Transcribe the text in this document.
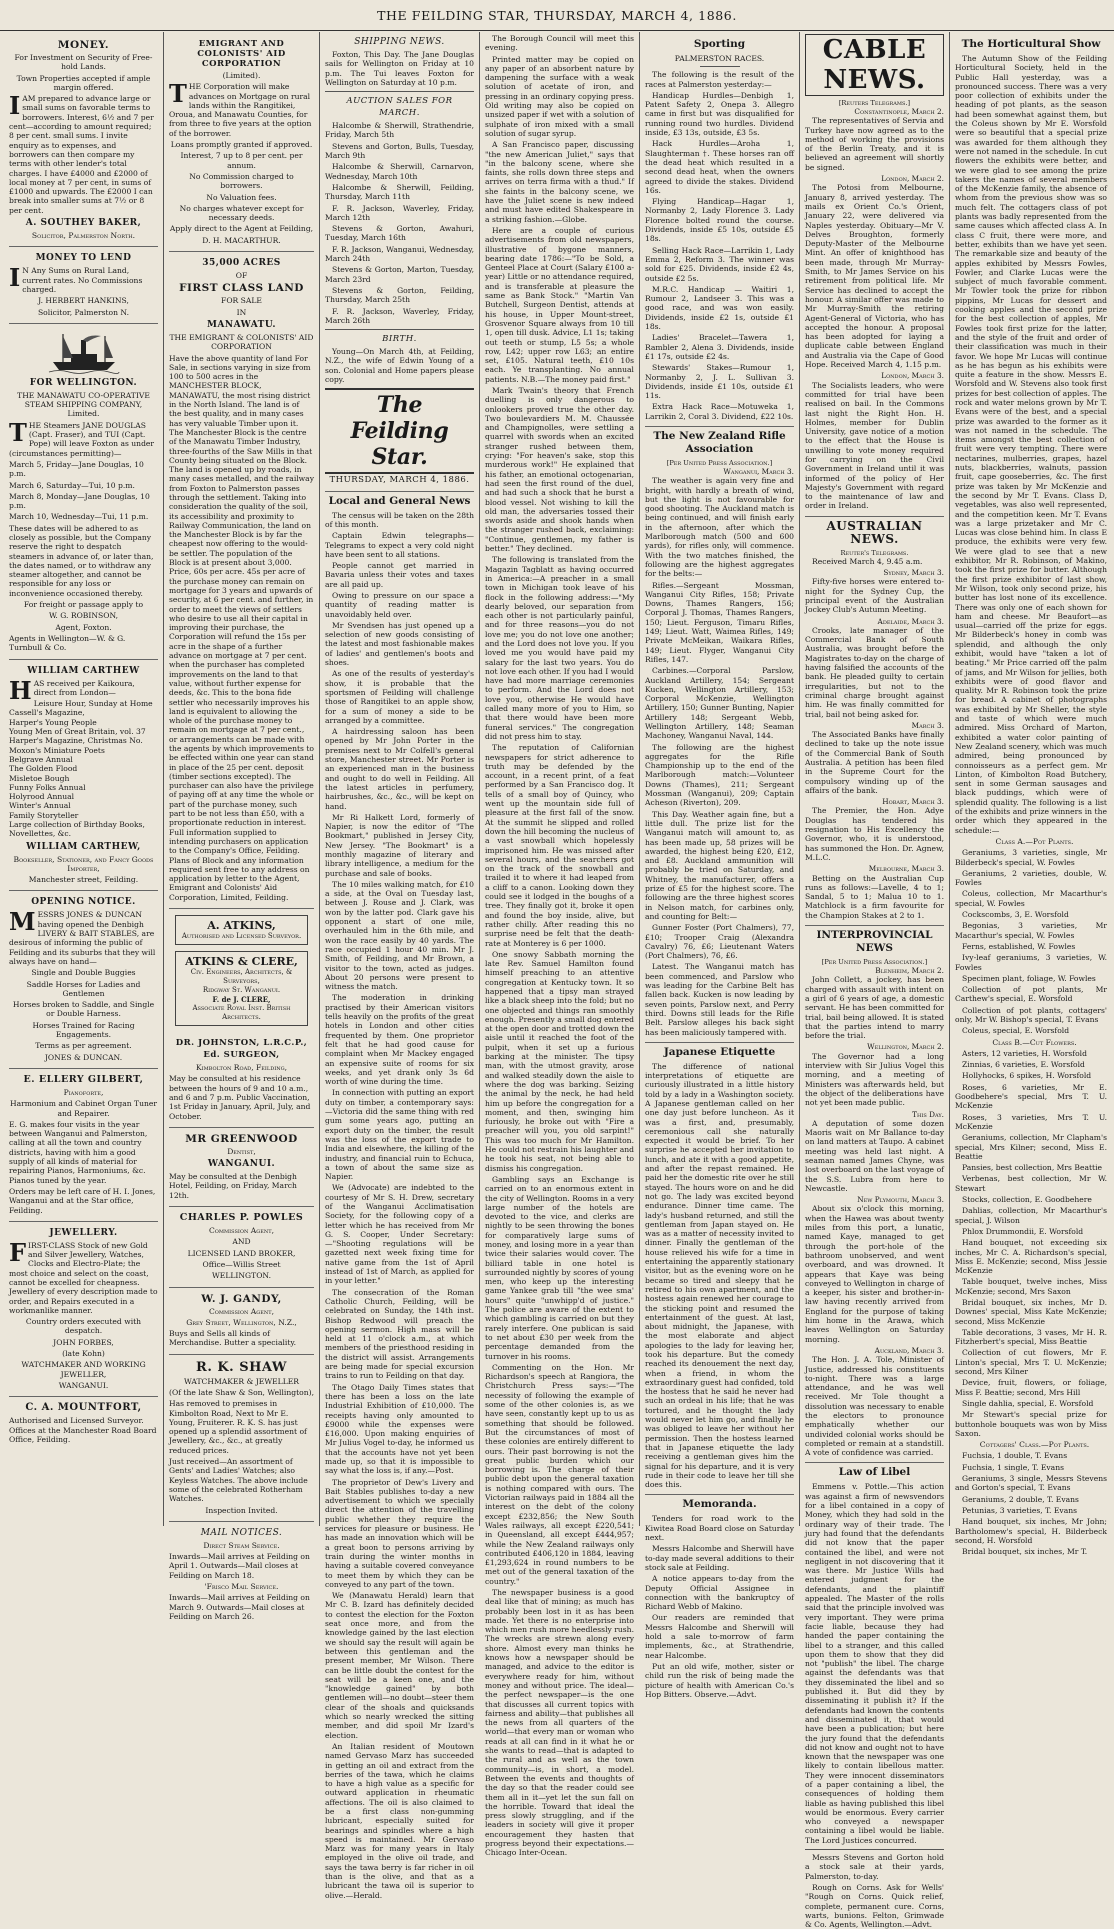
THE FEILDING STAR, THURSDAY, MARCH 4, 1886.
MONEY.

For Investment on Security of Free-hold Lands.

Town Properties accepted if ample margin offered.

IAM prepared to advance large or small sums on favorable terms to borrowers. Interest, 6½ and 7 per cent—according to amount required; 8 per cent. small sums. I invite enquiry as to expenses, and borrowers can then compare my terms with other lender's total charges. I have £4000 and £2000 of local money at 7 per cent, in sums of £1000 and upwards. The £2000 I can break into smaller sums at 7½ or 8 per cent.

A. SOUTHEY BAKER,

Solicitor, Palmerston North.

MONEY TO LEND

I N Any Sums on Rural Land, current rates. No Commissions charged.

J. HERBERT HANKINS,

Solicitor, Palmerston N.

FOR WELLINGTON.

THE MANAWATU CO-OPERATIVE STEAM SHIPPING COMPANY, Limited.

THE Steamers JANE DOUGLAS (Capt. Fraser), and TUI (Capt. Pope) will leave Foxton as under (circumstances permitting)—

March 5, Friday—Jane Douglas, 10 p.m.

March 6, Saturday—Tui, 10 p.m.

March 8, Monday—Jane Douglas, 10 p.m.

March 10, Wednesday—Tui, 11 p.m.

These dates will be adhered to as closely as possible, but the Company reserve the right to despatch steamers in advance of, or later than, the dates named, or to withdraw any steamer altogether, and cannot be responsible for any loss or inconvenience occasioned thereby.

For freight or passage apply to

W. G. ROBINSON,

Agent, Foxton.

Agents in Wellington—W. & G. Turnbull & Co.

WILLIAM CARTHEW

HAS received per Kaikoura, direct from London—

Leisure Hour, Sunday at Home
Cassell's Magazine,
Harper's Young People
Young Men of Great Britain, vol. 37
Harper's Magazine, Christmas No.
Moxon's Miniature Poets
Belgrave Annual
The Golden Flood
Misletoe Bough
Funny Folks Annual
Holyrood Annual
Winter's Annual
Family Storyteller

Large collection of Birthday Books, Novellettes, &c.

WILLIAM CARTHEW,

Bookseller, Stationer, and Fancy Goods Importer,

Manchester street, Feilding.

OPENING NOTICE.

MESSRS JONES & DUNCAN having opened the Denbigh LIVERY & BAIT STABLES, are desirous of informing the public of Feilding and its suburbs that they will always have on hand—

Single and Double Buggies

Saddle Horses for Ladies and Gentlemen

Horses broken to Saddle, and Single or Double Harness.

Horses Trained for Racing Engagements.

Terms as per agreement.

JONES & DUNCAN.

E. ELLERY GILBERT,

Pianoforte,

Harmonium and Cabinet Organ Tuner and Repairer.

E. G. makes four visits in the year between Wanganui and Palmerston, calling at all the town and country districts, having with him a good supply of all kinds of material for repairing Pianos, Harmoniums, &c. Pianos tuned by the year.

Orders may be left care of H. I. Jones, Wanganui and at the Star office, Feilding.

JEWELLERY.

FIRST-CLASS Stock of new Gold and Silver Jewellery, Watches, Clocks and Electro-Plate; the most choice and select on the coast, cannot be excelled for cheapness. Jewellery of every description made to order, and Repairs executed in a workmanlike manner.

Country orders executed with despatch.

JOHN FORBES,

(late Kohn)

WATCHMAKER AND WORKING JEWELLER,

WANGANUI.

C. A. MOUNTFORT,

Authorised and Licensed Surveyor. Offices at the Manchester Road Board Office, Feilding.

EMIGRANT AND COLONISTS' AID CORPORATION

(Limited).

THE Corporation will make advances on Mortgage on rural lands within the Rangitikei, Oroua, and Manawatu Counties, for from three to five years at the option of the borrower.

Loans promptly granted if approved.

Interest, 7 up to 8 per cent. per annum.

No Commission charged to borrowers.

No Valuation fees.

No charges whatever except for necessary deeds.

Apply direct to the Agent at Feilding,

D. H. MACARTHUR.

35,000 ACRES

OF

FIRST CLASS LAND

FOR SALE

IN

MANAWATU.

THE EMIGRANT & COLONISTS' AID CORPORATION

Have the above quantity of land For Sale, in sections varying in size from 100 to 500 acres in the MANCHESTER BLOCK, MANAWATU, the most rising district in the North Island. The land is of the best quality, and in many cases has very valuable Timber upon it. The Manchester Block is the centre of the Manawatu Timber Industry, three-fourths of the Saw Mills in that County being situated on the Block. The land is opened up by roads, in many cases metalled, and the railway from Foxton to Palmerston passes through the settlement. Taking into consideration the quality of the soil, its accessibility and proximity to Railway Communication, the land on the Manchester Block is by far the cheapest now offering to the would-be settler. The population of the Block is at present about 3,000. Price, 60s per acre. 45s per acre of the purchase money can remain on mortgage for 3 years and upwards of security, at 6 per cent. and further, in order to meet the views of settlers who desire to use all their capital in improving their purchase, the Corporation will refund the 15s per acre in the shape of a further advance on mortgage at 7 per cent. when the purchaser has completed improvements on the land to that value, without further expense for deeds, &c. This to the bona fide settler who necessarily improves his land is equivalent to allowing the whole of the purchase money to remain on mortgage at 7 per cent., or arrangements can be made with the agents by which improvements to be effected within one year can stand in place of the 25 per cent. deposit (timber sections excepted). The purchaser can also have the privilege of paying off at any time the whole or part of the purchase money, such part to be not less than £50, with a proportionate reduction in interest. Full information supplied to intending purchasers on application to the Company's Office, Feilding. Plans of Block and any information required sent free to any address on application by letter to the Agent, Emigrant and Colonists' Aid Corporation, Limited, Feilding.

A. ATKINS,
Authorised and Licensed Surveyor.
ATKINS & CLERE,
Civ. Engineers, Architects, & Surveyors,
Ridgway St. Wanganui.
F. de J. CLERE,
Associate Royal Inst. British Architects.
DR. JOHNSTON, L.R.C.P., Ed. SURGEON,

Kimbolton Road, Feilding,

May be consulted at his residence between the hours of 9 and 10 a.m., and 6 and 7 p.m. Public Vaccination, 1st Friday in January, April, July, and October.

MR GREENWOOD

Dentist,

WANGANUI.

May be consulted at the Denbigh Hotel, Feilding, on Friday, March 12th.

CHARLES P. POWLES

Commission Agent,

AND

LICENSED LAND BROKER,

Office—Willis Street

WELLINGTON.

W. J. GANDY,

Commission Agent,

Grey Street, Wellington, N.Z.,

Buys and Sells all kinds of Merchandise. Butter a speciality.

R. K. SHAW

WATCHMAKER & JEWELLER

(Of the late Shaw & Son, Wellington),

Has removed to premises in Kimbolton Road, Next to Mr E. Young, Fruiterer. R. K. S. has just opened up a splendid assortment of Jewellery, &c., &c., at greatly reduced prices.

Just received—An assortment of Gents' and Ladies' Watches; also Keyless Watches. The above include some of the celebrated Rotherham Watches.

Inspection Invited.

MAIL NOTICES.

Direct Steam Service.

Inwards—Mail arrives at Feilding on April 1. Outwards—Mail closes at Feilding on March 18.

'Frisco Mail Service.

Inwards—Mail arrives at Feilding on March 9. Outwards—Mail closes at Feilding on March 26.

SHIPPING NEWS.

Foxton, This Day. The Jane Douglas sails for Wellington on Friday at 10 p.m. The Tui leaves Foxton for Wellington on Saturday at 10 p.m.

AUCTION SALES FOR MARCH.

Halcombe & Sherwill, Strathendrie, Friday, March 5th

Stevens and Gorton, Bulls, Tuesday, March 9th

Halcombe & Sherwill, Carnarvon, Wednesday, March 10th

Halcombe & Sherwill, Feilding, Thursday, March 11th

F. R. Jackson, Waverley, Friday, March 12th

Stevens & Gorton, Awahuri, Tuesday, March 16th

F. R. Jackson, Wanganui, Wednesday, March 24th

Stevens & Gorton, Marton, Tuesday, March 23rd

Stevens & Gorton, Feilding, Thursday, March 25th

F. R. Jackson, Waverley, Friday, March 26th

BIRTH.

Young—On March 4th, at Feilding, N.Z., the wife of Edwin Young of a son. Colonial and Home papers please copy.

The Feilding Star.
THURSDAY, MARCH 4, 1886.
Local and General News

The census will be taken on the 28th of this month.

Captain Edwin telegraphs—Telegrams to expect a very cold night have been sent to all stations.

People cannot get married in Bavaria unless their votes and taxes are all paid up.

Owing to pressure on our space a quantity of reading matter is unavoidably held over.

Mr Svendsen has just opened up a selection of new goods consisting of the latest and most fashionable makes of ladies' and gentlemen's boots and shoes.

As one of the results of yesterday's show, it is probable that the sportsmen of Feilding will challenge those of Rangitikei to an apple show, for a sum of money a side to be arranged by a committee.

A hairdressing saloon has been opened by Mr John Porter in the premises next to Mr Colfell's general store, Manchester street. Mr Porter is an experienced man in the business and ought to do well in Feilding. All the latest articles in perfumery, hairbrushes, &c., &c., will be kept on hand.

Mr Ri Halkett Lord, formerly of Napier, is now the editor of "The Bookmart," published in Jersey City, New Jersey. "The Bookmart" is a monthly magazine of literary and library intelligence, a medium for the purchase and sale of books.

The 10 miles walking match, for £10 a side, at the Oval on Tuesday last, between J. Rouse and J. Clark, was won by the latter pod. Clark gave his opponent a start of one mile, overhauled him in the 6th mile, and won the race easily by 40 yards. The race occupied 1 hour 40 min. Mr J. Smith, of Feilding, and Mr Brown, a visitor to the town, acted as judges. About 20 persons were present to witness the match.

The moderation in drinking practised by their American visitors tells heavily on the profits of the great hotels in London and other cities frequented by them. One proprietor felt that he had good cause for complaint when Mr Mackey engaged an expensive suite of rooms for six weeks, and yet drank only 3s 6d worth of wine during the time.

In connection with putting an export duty on timber, a contemporary says:—Victoria did the same thing with red gum some years ago, putting an export duty on the timber, the result was the loss of the export trade to India and elsewhere, the killing of the industry, and financial ruin to Echuca, a town of about the same size as Napier.

We (Advocate) are indebted to the courtesy of Mr S. H. Drew, secretary of the Wanganui Acclimatisation Society, for the following copy of a letter which he has received from Mr G. S. Cooper, Under Secretary:—"Shooting regulations will be gazetted next week fixing time for native game from the 1st of April instead of 1st of March, as applied for in your letter."

The consecration of the Roman Catholic Church, Feilding, will be celebrated on Sunday, the 14th inst. Bishop Redwood will preach the opening sermon. High mass will be held at 11 o'clock a.m., at which members of the priesthood residing in the district will assist. Arrangements are being made for special excursion trains to run to Feilding on that day.

The Otago Daily Times states that there has been a loss on the late Industrial Exhibition of £10,000. The receipts having only amounted to £9000 while the expenses were £16,000. Upon making enquiries of Mr Julius Vogel to-day, he informed us that the accounts have not yet been made up, so that it is impossible to say what the loss is, if any.—Post.

The proprietor of Dew's Livery and Bait Stables publishes to-day a new advertisement to which we specially direct the attention of the travelling public whether they require the services for pleasure or business. He has made an innovation which will be a great boon to persons arriving by train during the winter months in having a suitable covered conveyance to meet them by which they can be conveyed to any part of the town.

We (Manawatu Herald) learn that Mr C. B. Izard has definitely decided to contest the election for the Foxton seat once more, and from the knowledge gained by the last election we should say the result will again be between this gentleman and the present member, Mr Wilson. There can be little doubt the contest for the seat will be a keen one, and the "knowledge gained" by both gentlemen will—no doubt—steer them clear of the shoals and quicksands which so nearly wrecked the sitting member, and did spoil Mr Izard's election.

An Italian resident of Moutown named Gervaso Marz has succeeded in getting an oil and extract from the berries of the tawa, which he claims to have a high value as a specific for outward application in rheumatic affections. The oil is also claimed to be a first class non-gumming lubricant, especially suited for bearings and spindles where a high speed is maintained. Mr Gervaso Marz was for many years in Italy employed in the olive oil trade, and says the tawa berry is far richer in oil than is the olive, and that as a lubricant the tawa oil is superior to olive.—Herald.

The Borough Council will meet this evening.

Printed matter may be copied on any paper of an absorbent nature by dampening the surface with a weak solution of acetate of iron, and pressing in an ordinary copying press. Old writing may also be copied on unsized paper if wet with a solution of sulphate of iron mixed with a small solution of sugar syrup.

A San Francisco paper, discussing "the new American Juliet," says that "in the balcony scene, where she faints, she rolls down three steps and arrives on terra firma with a thud." If she faints in the balcony scene, we have the Juliet scene is new indeed and must have edited Shakespeare in a striking fashion.—Globe.

Here are a couple of curious advertisements from old newspapers, illustrative of bygone manners, bearing date 1786:—"To be Sold, a Genteel Place at Court (Salary £100 a-year) Little or no attendance required, and is transferable at pleasure the same as Bank Stock." "Martin Van Butchell, Surgeon Dentist, attends at his house, in Upper Mount-street, Grosvenor Square always from 10 till 1, open till dusk. Advice, L1 1s; taking out teeth or stump, L5 5s; a whole row, L42; upper row L63; an entire set, £105. Natural teeth, £10 10s each. Ye transplanting. No annual patients. N.B.—The money paid first."

Mark Twain's theory that French duelling is only dangerous to onlookers proved true the other day. Two boulevardiers M. M. Chaussée and Champignolles, were settling a quarrel with swords when an excited stranger rushed between them, crying: "For heaven's sake, stop this murderous work!" He explained that his father, an emotional octogenarian, had seen the first round of the duel, and had such a shock that he burst a blood vessel. Not wishing to kill the old man, the adversaries tossed their swords aside and shook hands when the stranger rushed back, exclaiming: "Continue, gentlemen, my father is better." They declined.

The following is translated from the Magazin Tagblatt as having occurred in America:—A preacher in a small town in Michigan took leave of his flock in the following address:—"My dearly beloved, our separation from each other is not particularly painful, and for three reasons—you do not love me; you do not love one another; and the Lord does not love you. If you loved me you would have paid my salary for the last two years. You do not love each other. If you had I would have had more marriage ceremonies to perform. And the Lord does not love you, otherwise He would have called many more of you to Him, so that there would have been more funeral services." The congregation did not press him to stay.

The reputation of Californian newspapers for strict adherence to truth may be defended by the account, in a recent print, of a feat performed by a San Francisco dog. It tells of a small boy of Quincy, who went up the mountain side full of pleasure at the first fall of the snow. At the summit he slipped and rolled down the hill becoming the nucleus of a vast snowball which hopelessly imprisoned him. He was missed after several hours, and the searchers got on the track of the snowball and trailed it to where it had leaped from a cliff to a canon. Looking down they could see it lodged in the boughs of a tree. They finally got it, broke it open and found the boy inside, alive, but rather chilly. After reading this no surprise need be felt that the death-rate at Monterey is 6 per 1000.

One snowy Sabbath morning the late Rev. Samuel Hamilton found himself preaching to an attentive congregation at Kentucky town. It so happened that a tipsy man strayed like a black sheep into the fold; but no one objected and things ran smoothly enough. Presently a small dog entered at the open door and trotted down the aisle until it reached the foot of the pulpit, when it set up a furious barking at the minister. The tipsy man, with the utmost gravity, arose and walked steadily down the aisle to where the dog was barking. Seizing the animal by the neck, he had held him up before the congregation for a moment, and then, swinging him furiously, he broke out with "Fire a preacher will you, you old sarpint!" This was too much for Mr Hamilton. He could not restrain his laughter and he took his seat, not being able to dismiss his congregation.

Gambling says an Exchange is carried on to an enormous extent in the city of Wellington. Rooms in a very large number of the hotels are devoted to the vice, and clerks are nightly to be seen throwing the bones for comparatively large sums of money, and losing more in a year than twice their salaries would cover. The billiard table in one hotel is surrounded nightly by scores of young men, who keep up the interesting game Yankee grab till "the wee sma' hours" quite "unwhipp'd of justice." The police are aware of the extent to which gambling is carried on but they rarely interfere. One publican is said to net about £30 per week from the percentage demanded from the turnover in his rooms.

Commenting on the Hon. Mr Richardson's speech at Rangiora, the Christchurch Press says:—"The necessity of following the example of some of the other colonies is, as we have seen, constantly kept up to us as something that should be followed. But the circumstances of most of these colonies are entirely different to ours. Their past borrowing is not the great public burden which our borrowing is. The charge of their public debt upon the general taxation is nothing compared with ours. The Victorian railways paid in 1884 all the interest on the debt of the colony except £232,856; the New South Wales railways, all except £220,541; in Queensland, all except £444,957; while the New Zealand railways only contributed £406,120 in 1884, leaving £1,293,624 in round numbers to be met out of the general taxation of the country."

The newspaper business is a good deal like that of mining; as much has probably been lost in it as has been made. Yet there is no enterprise into which men rush more heedlessly rush. The wrecks are strewn along every shore. Almost every man thinks he knows how a newspaper should be managed, and advice to the editor is everywhere ready for him, without money and without price. The ideal—the perfect newspaper—is the one that discusses all current topics with fairness and ability—that publishes all the news from all quarters of the world—that every man or woman who reads at all can find in it what he or she wants to read—that is adapted to the rural and as well as the town community—is, in short, a model. Between the events and thoughts of the day so that the reader could see them all in it—yet let the sun fall on the horrible. Toward that ideal the press slowly struggling, and if the leaders in society will give it proper encouragement they hasten that progress beyond their expectations.—Chicago Inter-Ocean.

Sporting
PALMERSTON RACES.

The following is the result of the races at Palmerston yesterday:—

Handicap Hurdles—Denbigh 1, Patent Safety 2, Onepa 3. Allegro came in first but was disqualified for running round two hurdles. Dividend inside, £3 13s, outside, £3 5s.

Hack Hurdles—Aroha 1, Slaughterman †. These horses ran off the dead heat which resulted in a second dead heat, when the owners agreed to divide the stakes. Dividend 16s.

Flying Handicap—Hagar 1, Normanby 2, Lady Florence 3. Lady Florence bolted round the course. Dividends, inside £5 10s, outside £5 18s.

Selling Hack Race—Larrikin 1, Lady Emma 2, Reform 3. The winner was sold for £25. Dividends, inside £2 4s, outside £2 5s.

M.R.C. Handicap — Waitiri 1, Rumour 2, Landseer 3. This was a good race, and was won easily. Dividends, inside £2 1s, outside £1 18s.

Ladies' Bracelet—Tawera 1, Rambler 2, Alena 3. Dividends, inside £1 17s, outside £2 4s.

Stewards' Stakes—Rumour 1, Normanby 2, J. L. Sullivan 3. Dividends, inside £1 10s, outside £1 11s.

Extra Hack Race—Motuweka 1, Larrikin 2, Coral 3. Dividend, £22 10s.

The New Zealand Rifle Association
[Per United Press Association.]
Wanganui, March 3.

The weather is again very fine and bright, with hardly a breath of wind, but the light is not favourable for good shooting. The Auckland match is being continued, and will finish early in the afternoon, after which the Marlborough match (500 and 600 yards), for rifles only, will commence. With the two matches finished, the following are the highest aggregates for the belts:—

Rifles.—Sergeant Mossman, Wanganui City Rifles, 158; Private Downs, Thames Rangers, 156; Corporal J. Thomas, Thames Rangers, 150; Lieut. Ferguson, Timaru Rifles, 149; Lieut. Watt, Waimea Rifles, 149; Private McMeikan, Waikara Rifles, 149; Lieut. Flyger, Wanganui City Rifles, 147.

Carbines.—Corporal Parslow, Auckland Artillery, 154; Sergeant Kucken, Wellington Artillery, 153; Corporal McKenzie, Wellington Artillery, 150; Gunner Bunting, Napier Artillery 148; Sergeant Webb, Wellington Artillery, 148; Seaman Machoney, Wanganui Naval, 144.

The following are the highest aggregates for the Rifle Championship up to the end of the Marlborough match:—Volunteer Downs (Thames), 211; Sergeant Mossman (Wanganui), 209; Captain Acheson (Riverton), 209.

This Day. Weather again fine, but a little dull. The prize list for the Wanganui match will amount to, as has been made up, 58 prizes will be awarded, the highest being £20, £12, and £8. Auckland ammunition will probably be tried on Saturday, and Whitney, the manufacturer, offers a prize of £5 for the highest score. The following are the three highest scores in Nelson match, for carbines only, and counting for Belt:—

Gunner Foster (Port Chalmers), 77, £10; Trooper Craig (Alexandra Cavalry) 76, £6; Lieutenant Waters (Port Chalmers), 76, £6.

Latest. The Wanganui match has been commenced, and Parslow who was leading for the Carbine Belt has fallen back. Kucken is now leading by seven points, Parslow next, and Perry third. Downs still leads for the Rifle Belt. Parslow alleges his back sight has been maliciously tampered with.

Japanese Etiquette

The difference of national interpretations of etiquette are curiously illustrated in a little history told by a lady in a Washington society. A Japanese gentleman called on her one day just before luncheon. As it was a first, and, presumably, ceremonious call she naturally expected it would be brief. To her surprise he accepted her invitation to lunch, and ate it with a good appetite, and after the repast remained. He paid her the domestic rite over he still stayed. The hours wore on and he did not go. The lady was excited beyond endurance. Dinner time came. The lady's husband returned, and still the gentleman from Japan stayed on. He was as a matter of necessity invited to dinner. Finally the gentleman of the house relieved his wife for a time in entertaining the apparently stationary visitor, but as the evening wore on he became so tired and sleepy that he retired to his own apartment, and the hostess again renewed her courage to the sticking point and resumed the entertainment of the guest. At last, about midnight, the Japanese, with the most elaborate and abject apologies to the lady for leaving her, took his departure. But the comedy reached its denouement the next day, when a friend, in whom the extraordinary guest had confided, told the hostess that he said he never had such an ordeal in his life; that he was tortured, and he thought the lady would never let him go, and finally he was obliged to leave her without her permission. Then the hostess learned that in Japanese etiquette the lady receiving a gentleman gives him the signal for his departure, and it is very rude in their code to leave her till she does this.

Memoranda.

Tenders for road work to the Kiwitea Road Board close on Saturday next.

Messrs Halcombe and Sherwill have to-day made several additions to their stock sale at Feilding.

A notice appears to-day from the Deputy Official Assignee in connection with the bankruptcy of Richard Webb of Makino.

Our readers are reminded that Messrs Halcombe and Sherwill will hold a sale to-morrow of farm implements, &c., at Strathendrie, near Halcombe.

Put an old wife, mother, sister or child run the risk of being made the picture of health with American Co.'s Hop Bitters. Observe.—Advt.

CABLE NEWS.
[Reuters Telegrams.]
Constantinople, March 2.

The representatives of Servia and Turkey have now agreed as to the method of working the provisions of the Berlin Treaty, and it is believed an agreement will shortly be signed.

London, March 2.

The Potosi from Melbourne, January 8, arrived yesterday. The mails ex Orient Co.'s Orient, January 22, were delivered via Naples yesterday. Obituary—Mr V. Delves Broughton, formerly Deputy-Master of the Melbourne Mint. An offer of knighthood has been made, through Mr Murray-Smith, to Mr James Service on his retirement from political life. Mr Service has declined to accept the honour. A similar offer was made to Mr Murray-Smith the retiring Agent-General of Victoria, who has accepted the honour. A proposal has been adopted for laying a duplicate cable between England and Australia via the Cape of Good Hope. Received March 4, 1.15 p.m.

London, March 3.

The Socialists leaders, who were committed for trial have been realised on bail. In the Commons last night the Right Hon. H. Holmes, member for Dublin University, gave notice of a motion to the effect that the House is unwilling to vote money required for carrying on the Civil Government in Ireland until it was informed of the policy of Her Majesty's Government with regard to the maintenance of law and order in Ireland.

AUSTRALIAN NEWS.
Reuter's Telegrams.

Received March 4, 9.45 a.m.

Sydney, March 3.

Fifty-five horses were entered to-night for the Sydney Cup, the principal event of the Australian Jockey Club's Autumn Meeting.

Adelaide, March 3.

Crooks, late manager of the Commercial Bank of South Australia, was brought before the Magistrates to-day on the charge of having falsified the accounts of the bank. He pleaded guilty to certain irregularities, but not to the criminal charge brought against him. He was finally committed for trial, bail not being asked for.

March 3.

The Associated Banks have finally declined to take up the note issue of the Commercial Bank of South Australia. A petition has been filed in the Supreme Court for the compulsory winding up of the affairs of the bank.

Hobart, March 3.

The Premier, the Hon. Adye Douglas has tendered his resignation to His Excellency the Governor, who, it is understood, has summoned the Hon. Dr. Agnew, M.L.C.

Melbourne, March 3.

Betting on the Australian Cup runs as follows:—Lavelle, 4 to 1; Sandal, 5 to 1; Malua 10 to 1. Matchlock is a firm favourite for the Champion Stakes at 2 to 1.

INTERPROVINCIAL NEWS
[Per United Press Association.]
Blenheim, March 2.

John Collett, a jockey, has been charged with assault with intent on a girl of 6 years of age, a domestic servant. He has been committed for trial, bail being allowed. It is stated that the parties intend to marry before the trial.

Wellington, March 2.

The Governor had a long interview with Sir Julius Vogel this morning, and a meeting of Ministers was afterwards held, but the object of the deliberations have not yet been made public.

This Day.

A deputation of some dozen Maoris wait on Mr Ballance to-day on land matters at Taupo. A cabinet meeting was held last night. A seaman named James Chyne, was lost overboard on the last voyage of the S.S. Lubra from here to Newcastle.

New Plymouth, March 3.

About six o'clock this morning, when the Hawea was about twenty miles from this port, a lunatic, named Kaye, managed to get through the port-hole of the bathroom unobserved, and went overboard, and was drowned. It appears that Kaye was being conveyed to Wellington in charge of a keeper, his sister and brother-in-law having recently arrived from England for the purpose of taking him home in the Arawa, which leaves Wellington on Saturday morning.

Auckland, March 3.

The Hon. J. A. Tole, Minister of Justice, addressed his constituents to-night. There was a large attendance, and he was well received. Mr Tole thought a dissolution was necessary to enable the electors to pronounce emphatically whether our undivided colonial works should be completed or remain at a standstill. A vote of confidence was carried.

Law of Libel

Emmens v. Pottle.—This action was against a firm of newsvendors for a libel contained in a copy of Money, which they had sold in the ordinary way of their trade. The jury had found that the defendants did not know that the paper contained the libel, and were not negligent in not discovering that it was there. Mr Justice Wills had entered judgment for the defendants, and the plaintiff appealed. The Master of the rolls said that the principle involved was very important. They were prima facie liable, because they had handed the paper containing the libel to a stranger, and this called upon them to show that they did not "publish" the libel. The charge against the defendants was that they disseminated the libel and so published it. But did they by disseminating it publish it? If the defendants had known the contents and disseminated it, that would have been a publication; but here the jury found that the defendants did not know and ought not to have known that the newspaper was one likely to contain libellous matter. They were innocent disseminators of a paper containing a libel, the consequences of holding them liable as having published this libel would be enormous. Every carrier who conveyed a newspaper containing a libel would be liable. The Lord Justices concurred.

Messrs Stevens and Gorton hold a stock sale at their yards, Palmerston, to-day.

Rough on Corns. Ask for Wells' "Rough on Corns. Quick relief, complete, permanent cure. Corns, warts, bunions. Felton, Grimwade & Co. Agents, Wellington.—Advt.

The Horticultural Show

The Autumn Show of the Feilding Horticultural Society, held in the Public Hall yesterday, was a pronounced success. There was a very poor collection of exhibits under the heading of pot plants, as the season had been somewhat against them, but the Coleus shown by Mr E. Worsfold were so beautiful that a special prize was awarded for them although they were not named in the schedule. In cut flowers the exhibits were better, and we were glad to see among the prize takers the names of several members of the McKenzie family, the absence of whom from the previous show was so much felt. The cottagers class of pot plants was badly represented from the same causes which affected class A. In class C fruit, there were more, and better, exhibits than we have yet seen. The remarkable size and beauty of the apples exhibited by Messrs Fowles, Fowler, and Clarke Lucas were the subject of much favorable comment. Mr Towler took the prize for ribbon pippins, Mr Lucas for dessert and cooking apples and the second prize for the best collection of apples, Mr Fowles took first prize for the latter, and the style of the fruit and order of their classification was much in their favor. We hope Mr Lucas will continue as he has begun as his exhibits were quite a feature in the show. Messrs E. Worsfold and W. Stevens also took first prizes for best collection of apples. The rock and water melons grown by Mr T. Evans were of the best, and a special prize was awarded to the former as it was not named in the schedule. The items amongst the best collection of fruit were very tempting. There were nectarines, mulberries, grapes, hazel nuts, blackberries, walnuts, passion fruit, cape gooseberries, &c. The first prize was taken by Mr McKenzie and the second by Mr T. Evans. Class D, vegetables, was also well represented, and the competition keen. Mr T. Evans was a large prizetaker and Mr C. Lucas was close behind him. In class E produce, the exhibits were very few. We were glad to see that a new exhibitor, Mr R. Robinson, of Makino, took the first prize for butter. Although the first prize exhibitor of last show, Mr Wilson, took only second prize, his butter has lost none of its excellence. There was only one of each shown for ham and cheese. Mr Beaufort—as usual—carried off the prize for eggs. Mr Bilderbeck's honey in comb was splendid, and although the only exhibit, would have "taken a lot of beating." Mr Price carried off the palm of jams, and Mr Wilson for jellies, both exhibits were of good flavor and quality. Mr R. Robinson took the prize for bread. A cabinet of photographs was exhibited by Mr Sheller, the style and taste of which were much admired. Miss Orchard of Marton, exhibited a water color painting of New Zealand scenery, which was much admired, being pronounced by connoisseurs as a perfect gem. Mr Linton, of Kimbolton Road Butchery, sent in some German sausages and black puddings, which were of splendid quality. The following is a list of the exhibits and prize winners in the order which they appeared in the schedule:—

Class A.—Pot Plants.

Geraniums, 3 varieties, single, Mr Bilderbeck's special, W. Fowles

Geraniums, 2 varieties, double, W. Fowles

Coleus, collection, Mr Macarthur's special, W. Fowles

Cockscombs, 3, E. Worsfold

Begonias, 3 varieties, Mr Macarthur's special, W. Fowles

Ferns, established, W. Fowles

Ivy-leaf geraniums, 3 varieties, W. Fowles

Specimen plant, foliage, W. Fowles

Collection of pot plants, Mr Carthew's special, E. Worsfold

Collection of pot plants, cottagers' only, Mr W. Bishop's special, T. Evans

Coleus, special, E. Worsfold

Class B.—Cut Flowers.

Asters, 12 varieties, H. Worsfold

Zinnias, 6 varieties, E. Worsfold

Hollyhocks, 6 spikes, H. Worsfold

Roses, 6 varieties, Mr E. Goodbehere's special, Mrs T. U. McKenzie

Roses, 3 varieties, Mrs T. U. McKenzie

Geraniums, collection, Mr Clapham's special, Mrs Kilner; second, Miss E. Beattie

Pansies, best collection, Mrs Beattie

Verbenas, best collection, Mr W. Stewart

Stocks, collection, E. Goodbehere

Dahlias, collection, Mr Macarthur's special, J. Wilson

Phlox Drummondii, E. Worsfold

Hand bouquet, not exceeding six inches, Mr C. A. Richardson's special, Miss E. McKenzie; second, Miss Jessie McKenzie

Table bouquet, twelve inches, Miss McKenzie; second, Mrs Saxon

Bridal bouquet, six inches, Mr D. Downes' special, Miss Kate McKenzie; second, Miss McKenzie

Table decorations, 3 vases, Mr H. R. Fitzherbert's special, Miss Beattie

Collection of cut flowers, Mr F. Linton's special, Mrs T. U. McKenzie; second, Mrs Kilner

Device, fruit, flowers, or foliage, Miss F. Beattie; second, Mrs Hill

Single dahlia, special, E. Worsfold

Mr Stewart's special prize for buttonhole bouquets was won by Miss Saxon.

Cottagers' Class.—Pot Plants.

Fuchsia, 1 double, T. Evans

Fuchsia, 1 single, T. Evans

Geraniums, 3 single, Messrs Stevens and Gorton's special, T. Evans

Geraniums, 2 double, T. Evans

Petunias, 3 varieties, T. Evans

Hand bouquet, six inches, Mr John; Bartholomew's special, H. Bilderbeck second, H. Worsfold

Bridal bouquet, six inches, Mr T.
